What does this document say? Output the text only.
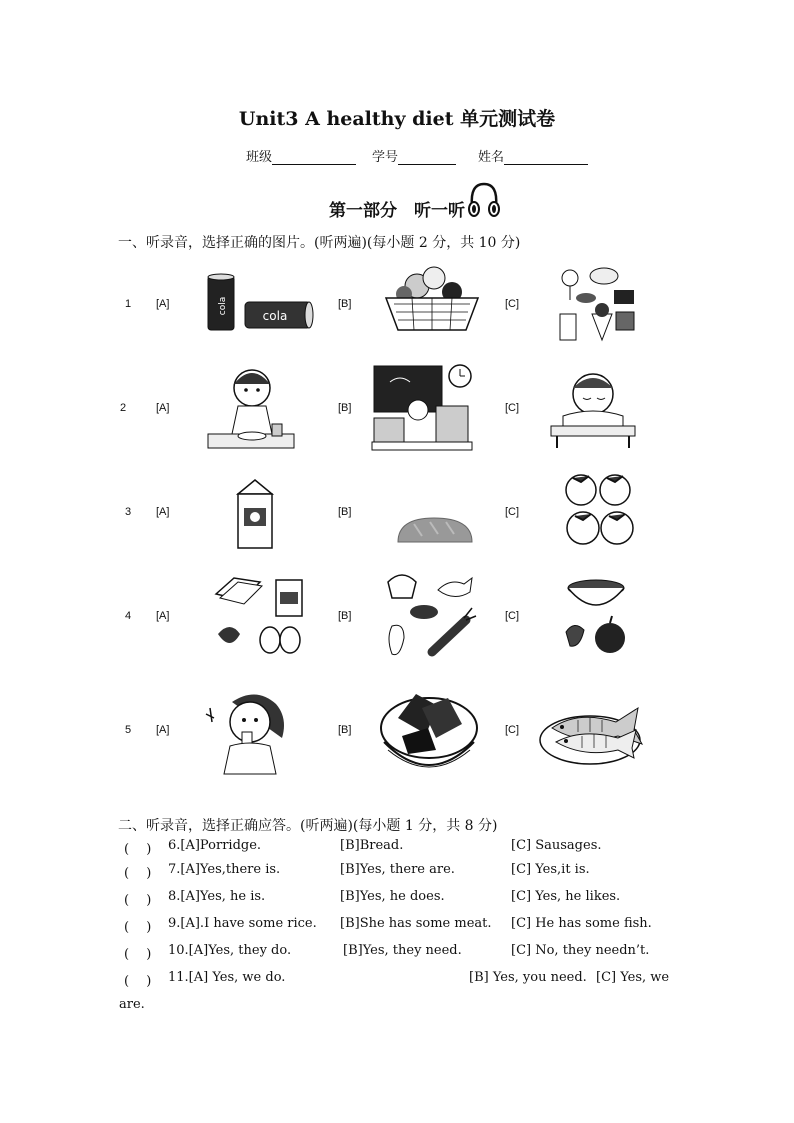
Unit3 A healthy diet 单元测试卷
班级	学号	姓名
第一部分　听一听
一、听录音，选择正确的图片。(听两遍)(每小题 2 分，共 10 分)
1 [A]	[B]	[C]
cola
cola
2	[A]	[B]	[C]
3 [A]	[B]	[C]
4 [A]	[B]	[C]
5 [A]	[B]	[C]
二、听录音，选择正确应答。(听两遍)(每小题 1 分，共 8 分)
(　 ) 6.[A]Porridge.	[B]Bread.	[C] Sausages.
(　 ) 7.[A]Yes,there is.	[B]Yes, there are.	[C] Yes,it is.
(　 ) 8.[A]Yes, he is.	[B]Yes, he does.	[C] Yes, he likes.
(　 ) 9.[A].I have some rice. [B]She has some meat. [C] He has some fish.
(　 ) 10.[A]Yes, they do.	[B]Yes, they need.	[C] No, they needn’t.
(　 ) 11.[A] Yes, we do.	[B] Yes, you need. [C] Yes, we
are.
